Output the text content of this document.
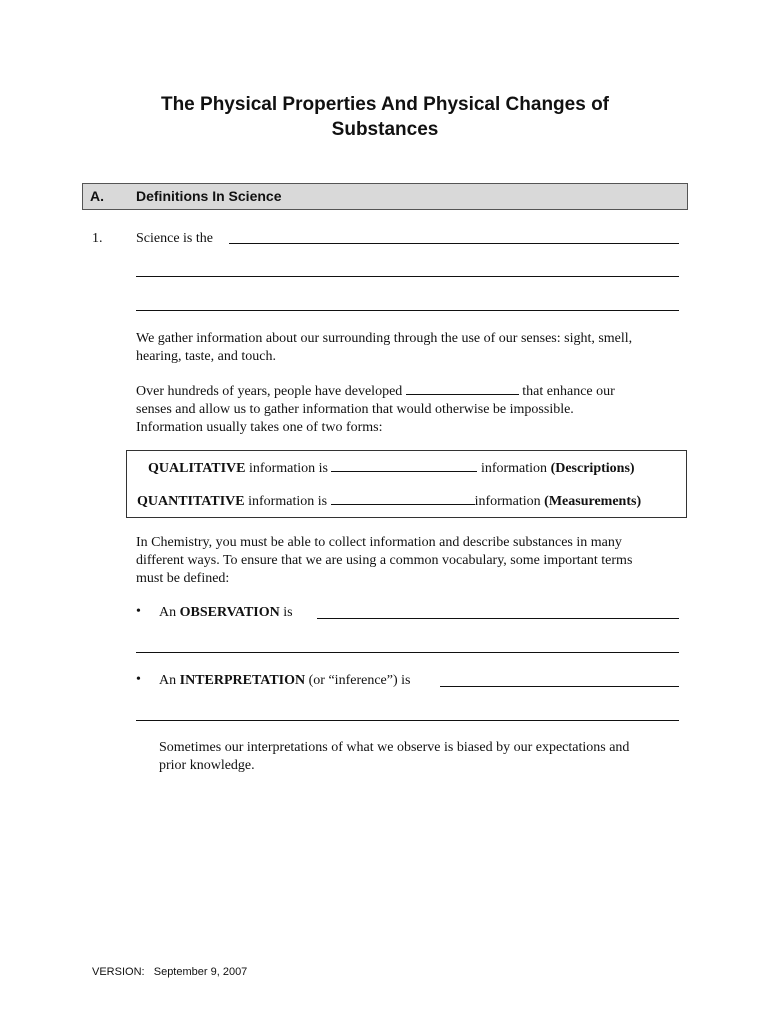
The Physical Properties And Physical Changes of
Substances
A. Definitions In Science
1. Science is the
We gather information about our surrounding through the use of our senses: sight, smell,
hearing, taste, and touch.
Over hundreds of years, people have developed	that enhance our
senses and allow us to gather information that would otherwise be impossible.
Information usually takes one of two forms:
QUALITATIVE information is	information (Descriptions)
QUANTITATIVE information is	information (Measurements)
In Chemistry, you must be able to collect information and describe substances in many
different ways. To ensure that we are using a common vocabulary, some important terms
must be defined:
• An OBSERVATION is
• An INTERPRETATION (or “inference”) is
Sometimes our interpretations of what we observe is biased by our expectations and
prior knowledge.
VERSION:   September 9, 2007
